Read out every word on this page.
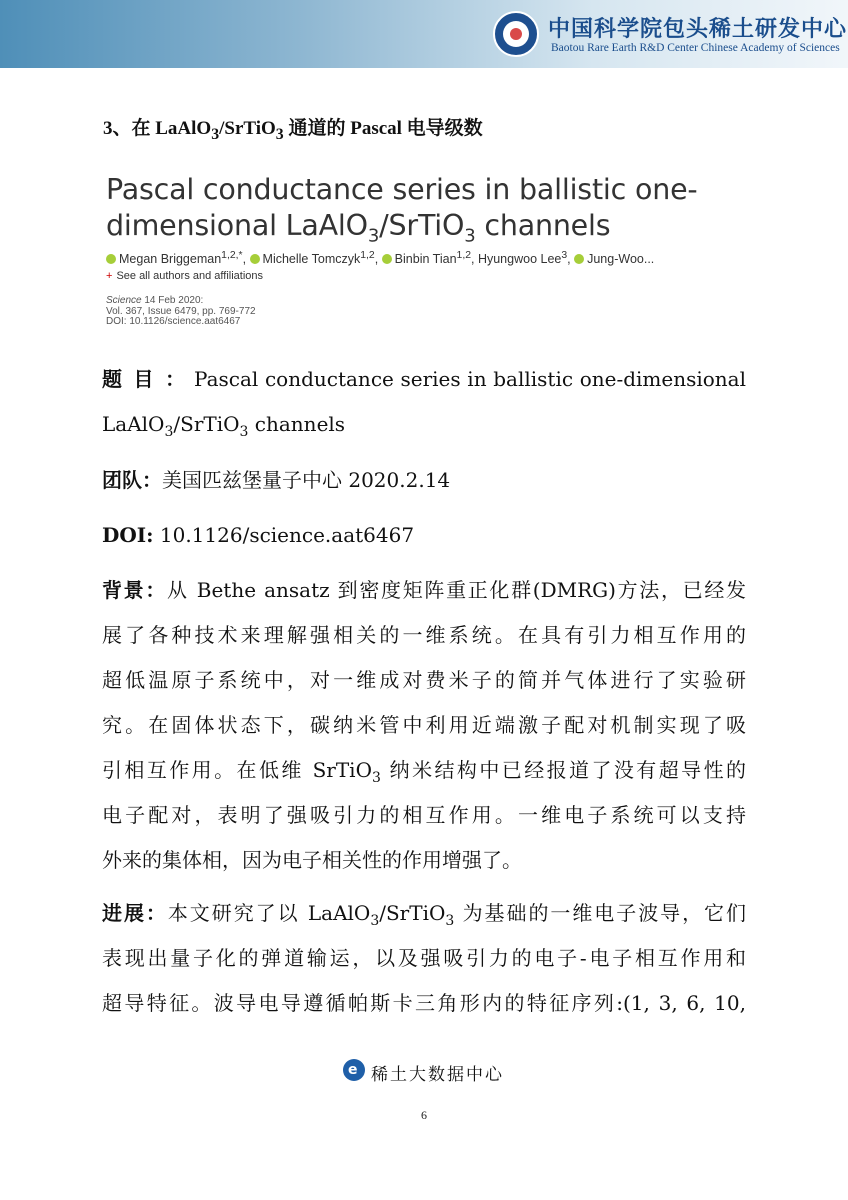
中国科学院包头稀土研发中心
Baotou Rare Earth R&D Center Chinese Academy of Sciences
3、在 LaAlO$_3$/SrTiO$_3$ 通道的 Pascal 电导级数
Pascal conductance series in ballistic one-
dimensional LaAlO$_3$/SrTiO$_3$ channels
Megan Briggeman$^{1,2,*}$, Michelle Tomczyk$^{1,2}$, Binbin Tian$^{1,2}$, Hyungwoo Lee$^3$, Jung-Woo...
+ See all authors and affiliations
Science 14 Feb 2020:
Vol. 367, Issue 6479, pp. 769-772
DOI: 10.1126/science.aat6467
题 目 ： Pascal conductance series in ballistic one-dimensional
LaAlO$_3$/SrTiO$_3$ channels
团队：美国匹兹堡量子中心 2020.2.14
DOI: 10.1126/science.aat6467
背景：从 Bethe ansatz 到密度矩阵重正化群(DMRG)方法，已经发
展了各种技术来理解强相关的一维系统。在具有引力相互作用的
超低温原子系统中，对一维成对费米子的简并气体进行了实验研
究。在固体状态下，碳纳米管中利用近端激子配对机制实现了吸
引相互作用。在低维 SrTiO$_3$ 纳米结构中已经报道了没有超导性的
电子配对，表明了强吸引力的相互作用。一维电子系统可以支持
外来的集体相，因为电子相关性的作用增强了。
进展：本文研究了以 LaAlO$_3$/SrTiO$_3$ 为基础的一维电子波导，它们
表现出量子化的弹道输运，以及强吸引力的电子-电子相互作用和
超导特征。波导电导遵循帕斯卡三角形内的特征序列:(1, 3, 6, 10,
e 稀土大数据中心
6
